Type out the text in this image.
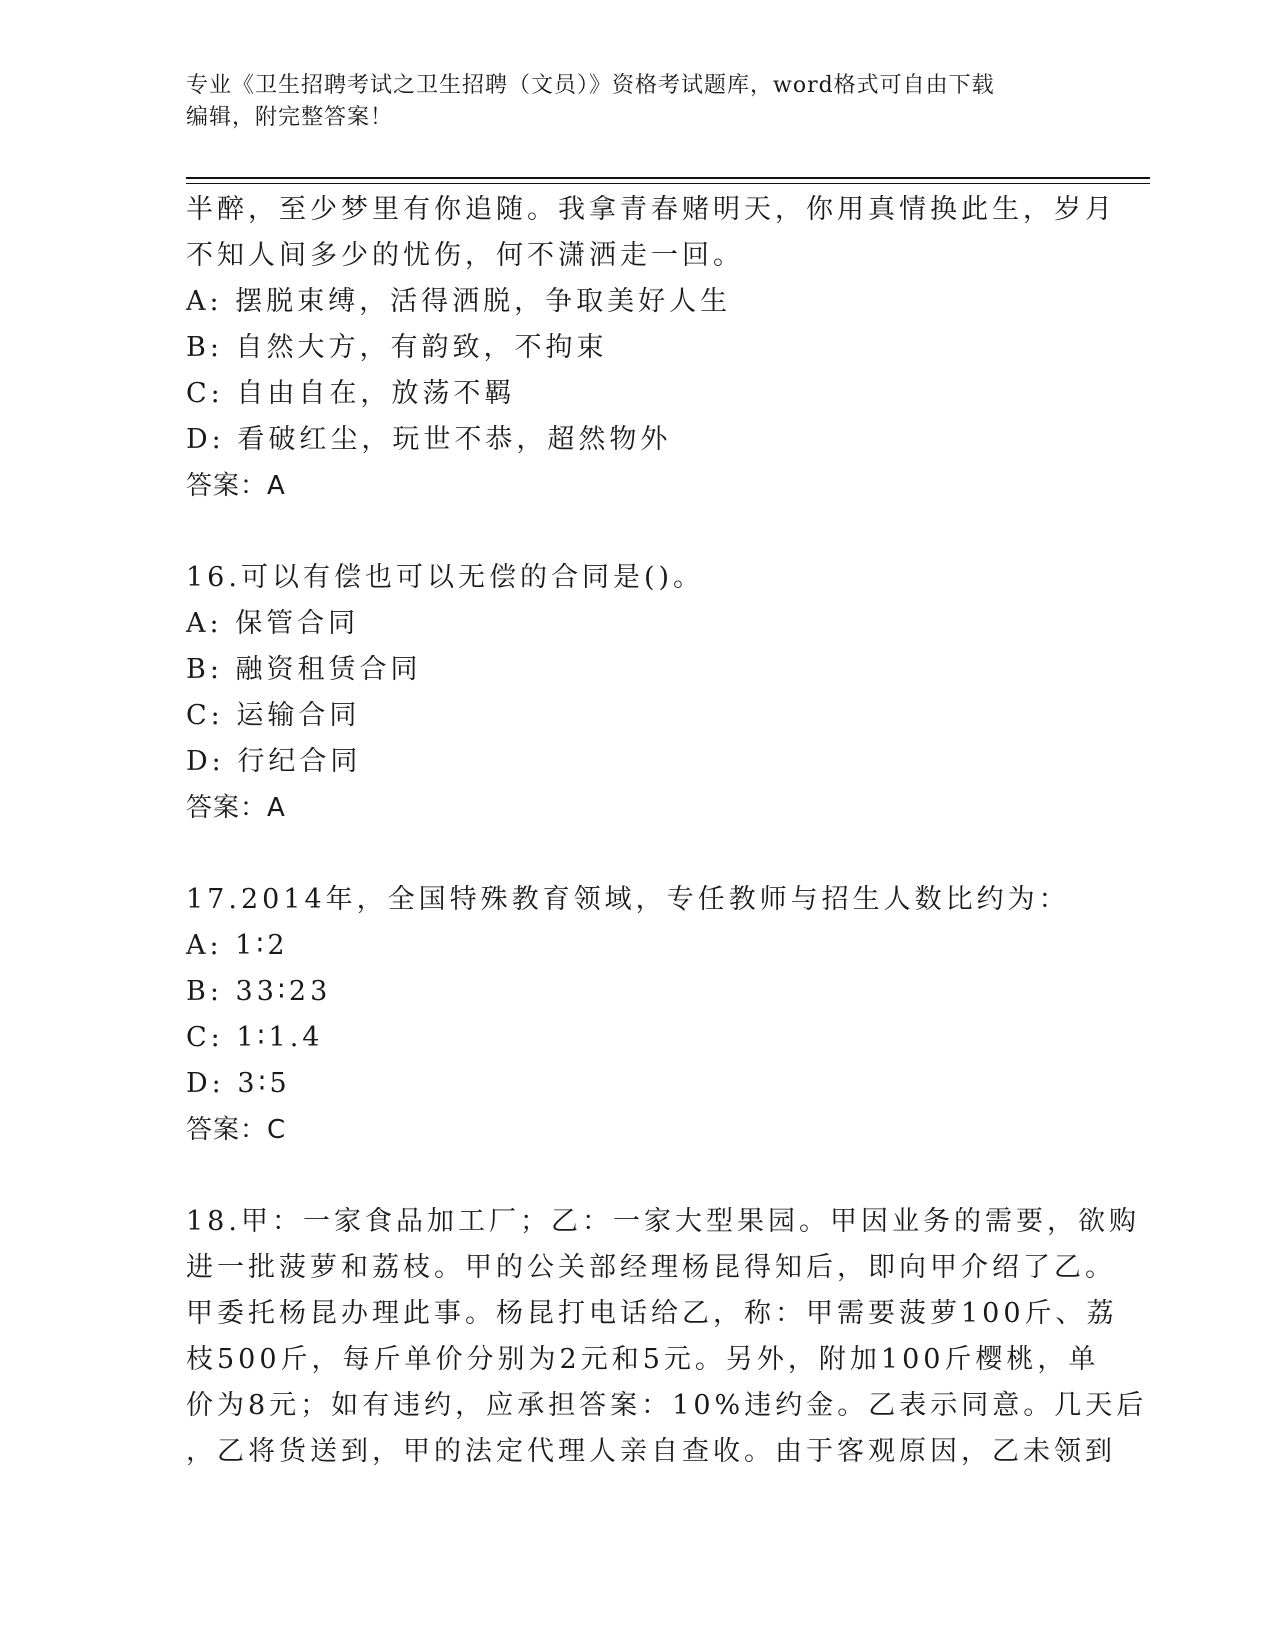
专业《卫生招聘考试之卫生招聘（文员）》资格考试题库，word格式可自由下载
编辑，附完整答案！
半醉，至少梦里有你追随。我拿青春赌明天，你用真情换此生，岁月
不知人间多少的忧伤，何不潇洒走一回。
A: 摆脱束缚，活得洒脱，争取美好人生
B: 自然大方，有韵致，不拘束
C: 自由自在，放荡不羁
D: 看破红尘，玩世不恭，超然物外
答案：A
16.可以有偿也可以无偿的合同是()。
A: 保管合同
B: 融资租赁合同
C: 运输合同
D: 行纪合同
答案：A
17.2014年，全国特殊教育领域，专任教师与招生人数比约为：
A: 1∶2
B: 33∶23
C: 1∶1.4
D: 3∶5
答案：C
18.甲：一家食品加工厂；乙：一家大型果园。甲因业务的需要，欲购
进一批菠萝和荔枝。甲的公关部经理杨昆得知后，即向甲介绍了乙。
甲委托杨昆办理此事。杨昆打电话给乙，称：甲需要菠萝100斤、荔
枝500斤，每斤单价分别为2元和5元。另外，附加100斤樱桃，单
价为8元；如有违约，应承担答案：10%违约金。乙表示同意。几天后
，乙将货送到，甲的法定代理人亲自查收。由于客观原因，乙未领到
